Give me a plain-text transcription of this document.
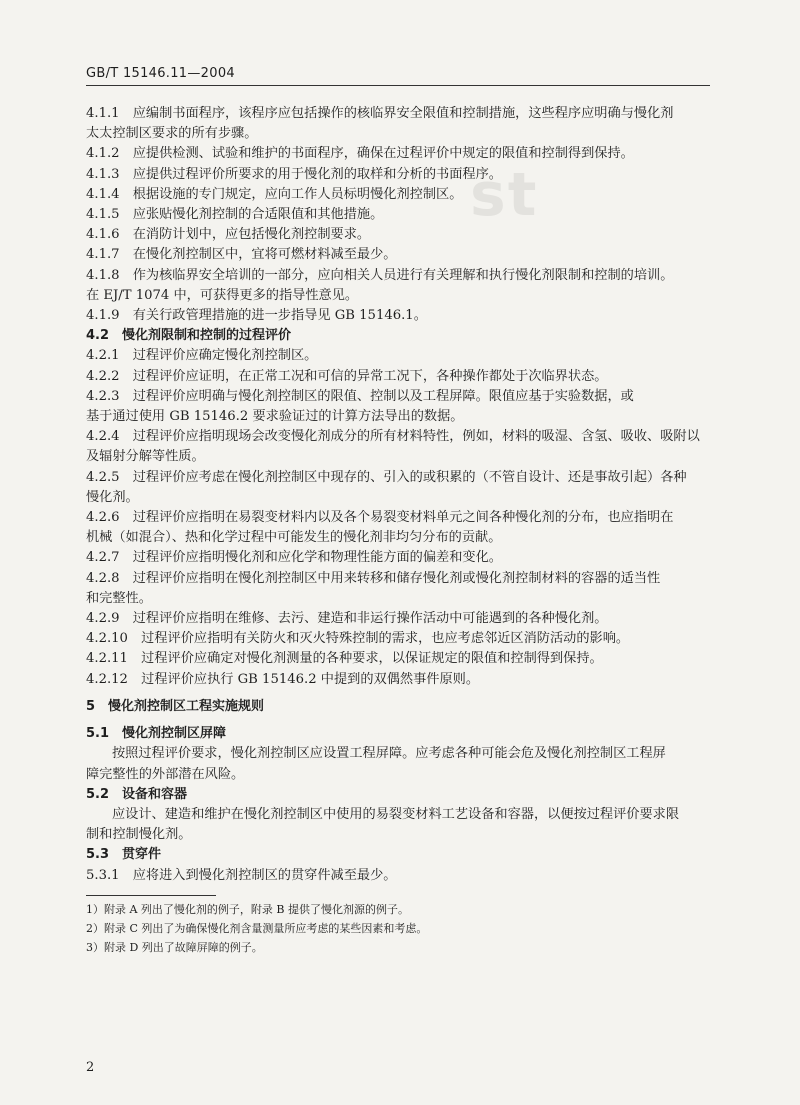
st
GB/T 15146.11—2004
4.1.1　应编制书面程序，该程序应包括操作的核临界安全限值和控制措施，这些程序应明确与慢化剂
太太控制区要求的所有步骤。
4.1.2　应提供检测、试验和维护的书面程序，确保在过程评价中规定的限值和控制得到保持。
4.1.3　应提供过程评价所要求的用于慢化剂的取样和分析的书面程序。
4.1.4　根据设施的专门规定，应向工作人员标明慢化剂控制区。
4.1.5　应张贴慢化剂控制的合适限值和其他措施。
4.1.6　在消防计划中，应包括慢化剂控制要求。
4.1.7　在慢化剂控制区中，宜将可燃材料减至最少。
4.1.8　作为核临界安全培训的一部分，应向相关人员进行有关理解和执行慢化剂限制和控制的培训。
在 EJ/T 1074 中，可获得更多的指导性意见。
4.1.9　有关行政管理措施的进一步指导见 GB 15146.1。
4.2　慢化剂限制和控制的过程评价
4.2.1　过程评价应确定慢化剂控制区。
4.2.2　过程评价应证明，在正常工况和可信的异常工况下，各种操作都处于次临界状态。
4.2.3　过程评价应明确与慢化剂控制区的限值、控制以及工程屏障。限值应基于实验数据，或
基于通过使用 GB 15146.2 要求验证过的计算方法导出的数据。
4.2.4　过程评价应指明现场会改变慢化剂成分的所有材料特性，例如，材料的吸湿、含氢、吸收、吸附以
及辐射分解等性质。
4.2.5　过程评价应考虑在慢化剂控制区中现存的、引入的或积累的（不管自设计、还是事故引起）各种
慢化剂。
4.2.6　过程评价应指明在易裂变材料内以及各个易裂变材料单元之间各种慢化剂的分布，也应指明在
机械（如混合）、热和化学过程中可能发生的慢化剂非均匀分布的贡献。
4.2.7　过程评价应指明慢化剂和应化学和物理性能方面的偏差和变化。
4.2.8　过程评价应指明在慢化剂控制区中用来转移和储存慢化剂或慢化剂控制材料的容器的适当性
和完整性。
4.2.9　过程评价应指明在维修、去污、建造和非运行操作活动中可能遇到的各种慢化剂。
4.2.10　过程评价应指明有关防火和灭火特殊控制的需求，也应考虑邻近区消防活动的影响。
4.2.11　过程评价应确定对慢化剂测量的各种要求，以保证规定的限值和控制得到保持。
4.2.12　过程评价应执行 GB 15146.2 中提到的双偶然事件原则。
5　慢化剂控制区工程实施规则
5.1　慢化剂控制区屏障
按照过程评价要求，慢化剂控制区应设置工程屏障。应考虑各种可能会危及慢化剂控制区工程屏
障完整性的外部潜在风险。
5.2　设备和容器
应设计、建造和维护在慢化剂控制区中使用的易裂变材料工艺设备和容器，以便按过程评价要求限
制和控制慢化剂。
5.3　贯穿件
5.3.1　应将进入到慢化剂控制区的贯穿件减至最少。
1）附录 A 列出了慢化剂的例子，附录 B 提供了慢化剂源的例子。
2）附录 C 列出了为确保慢化剂含量测量所应考虑的某些因素和考虑。
3）附录 D 列出了故障屏障的例子。
2
